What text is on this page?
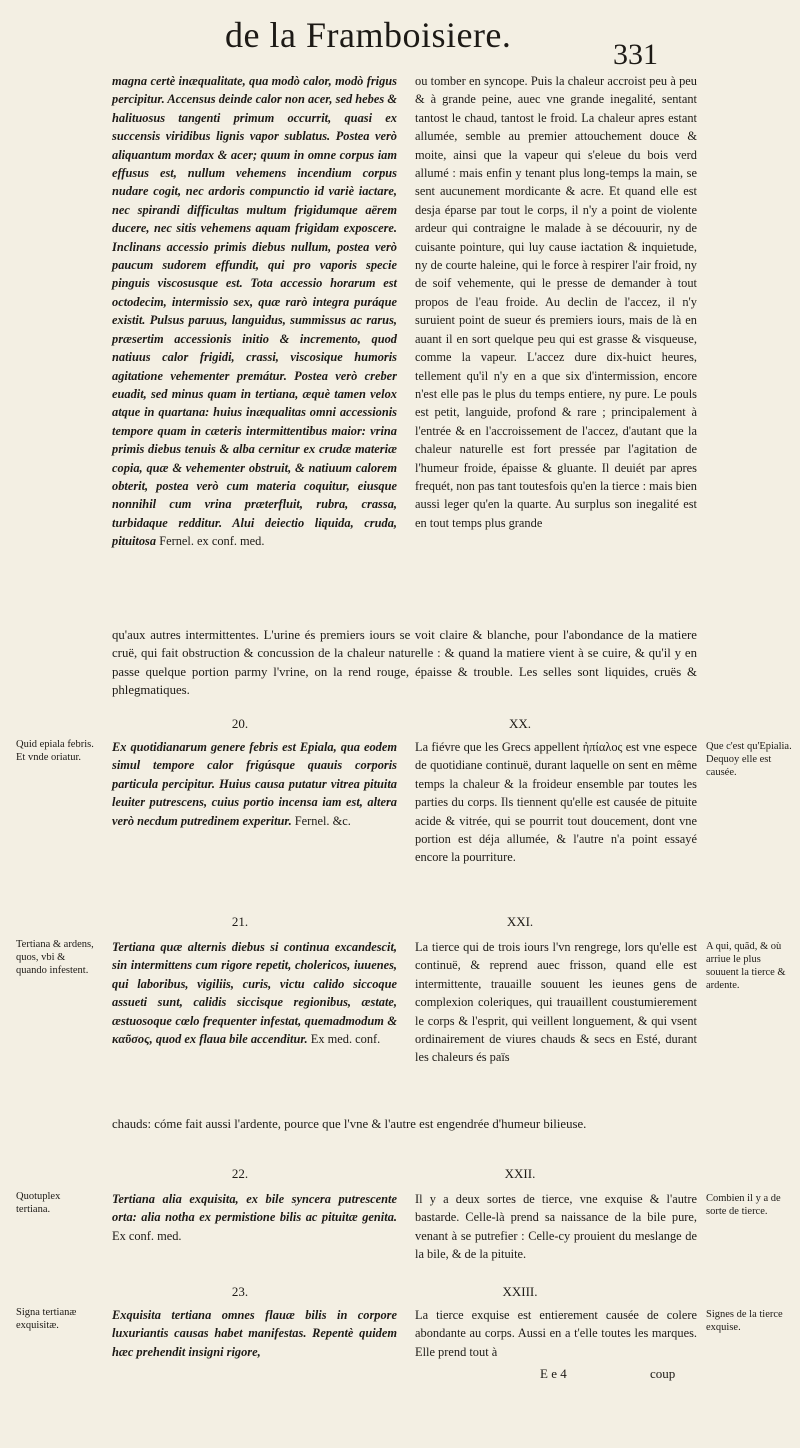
de la Framboisiere.	331
magna certè inæqualitate, qua modò calor, modò frigus percipitur. Accensus deinde calor non acer, sed hebes & halituosus tangenti primum occurrit, quasi ex succensis viridibus lignis vapor sublatus. Postea verò aliquantum mordax & acer; quum in omne corpus iam effusus est, nullum vehemens incendium corpus nudare cogit, nec ardoris compunctio id variè iactare, nec spirandi difficultas multum frigidumque aërem ducere, nec sitis vehemens aquam frigidam exposcere. Inclinans accessio primis diebus nullum, postea verò paucum sudorem effundit, qui pro vaporis specie pinguis viscosusque est. Tota accessio horarum est octodecim, intermissio sex, quæ rarò integra puráque existit. Pulsus paruus, languidus, summissus ac rarus, præsertim accessionis initio & incremento, quod natiuus calor frigidi, crassi, viscosique humoris agitatione vehementer premátur. Postea verò creber euadit, sed minus quam in tertiana, æquè tamen velox atque in quartana: huius inæqualitas omni accessionis tempore quam in cæteris intermittentibus maior: vrina primis diebus tenuis & alba cernitur ex crudæ materiæ copia, quæ & vehementer obstruit, & natiuum calorem obterit, postea verò cum materia coquitur, eiusque nonnihil cum vrina præterfluit, rubra, crassa, turbidaque redditur. Alui deiectio liquida, cruda, pituitosa Fernel. ex conf. med.
ou tomber en syncope. Puis la chaleur accroist peu à peu & à grande peine, auec vne grande inegalité, sentant tantost le chaud, tantost le froid. La chaleur apres estant allumée, semble au premier attouchement douce & moite, ainsi que la vapeur qui s'eleue du bois verd allumé : mais enfin y tenant plus long-temps la main, se sent aucunement mordicante & acre. Et quand elle est desja éparse par tout le corps, il n'y a point de violente ardeur qui contraigne le malade à se découurir, ny de cuisante pointure, qui luy cause iactation & inquietude, ny de courte haleine, qui le force à respirer l'air froid, ny de soif vehemente, qui le presse de demander à tout propos de l'eau froide. Au declin de l'accez, il n'y suruient point de sueur és premiers iours, mais de là en auant il en sort quelque peu qui est grasse & visqueuse, comme la vapeur. L'accez dure dix-huict heures, tellement qu'il n'y en a que six d'intermission, encore n'est elle pas le plus du temps entiere, ny pure. Le pouls est petit, languide, profond & rare ; principalement à l'entrée & en l'accroissement de l'accez, d'autant que la chaleur naturelle est fort pressée par l'agitation de l'humeur froide, épaisse & gluante. Il deuiét par apres frequét, non pas tant toutesfois qu'en la tierce : mais bien aussi leger qu'en la quarte. Au surplus son inegalité est en tout temps plus grande
qu'aux autres intermittentes. L'urine és premiers iours se voit claire & blanche, pour l'abondance de la matiere cruë, qui fait obstruction & concussion de la chaleur naturelle : & quand la matiere vient à se cuire, & qu'il y en passe quelque portion parmy l'vrine, on la rend rouge, épaisse & trouble. Les selles sont liquides, cruës & phlegmatiques.
20.	XX.
Quid epiala febris. Et vnde oriatur.
Ex quotidianarum genere febris est Epiala, qua eodem simul tempore calor frigúsque quauis corporis particula percipitur. Huius causa putatur vitrea pituita leuiter putrescens, cuius portio incensa iam est, altera verò necdum putredinem experitur. Fernel. &c.
La fiévre que les Grecs appellent ἠπίαλος est vne espece de quotidiane continuë, durant laquelle on sent en même temps la chaleur & la froideur ensemble par toutes les parties du corps. Ils tiennent qu'elle est causée de pituite acide & vitrée, qui se pourrit tout doucement, dont vne portion est déja allumée, & l'autre n'a point essayé encore la pourriture.
Que c'est qu'Epialia. Dequoy elle est causée.
21.	XXI.
Tertiana & ardens, quos, vbi & quando infestent.
Tertiana quæ alternis diebus si continua excandescit, sin intermittens cum rigore repetit, cholericos, iuuenes, qui laboribus, vigiliis, curis, victu calido siccoque assueti sunt, calidis siccisque regionibus, æstate, æstuosoque cœlo frequenter infestat, quemadmodum & καῦσος, quod ex flaua bile accenditur. Ex med. conf.
La tierce qui de trois iours l'vn rengrege, lors qu'elle est continuë, & reprend auec frisson, quand elle est intermittente, trauaille souuent les ieunes gens de complexion coleriques, qui trauaillent coustumierement le corps & l'esprit, qui veillent longuement, & qui vsent ordinairement de viures chauds & secs en Esté, durant les chaleurs és païs
A qui, quãd, & où arriue le plus souuent la tierce & ardente.
chauds: cóme fait aussi l'ardente, pource que l'vne & l'autre est engendrée d'humeur bilieuse.
22.	XXII.
Quotuplex tertiana.
Tertiana alia exquisita, ex bile syncera putrescente orta: alia notha ex permistione bilis ac pituitæ genita. Ex conf. med.
Il y a deux sortes de tierce, vne exquise & l'autre bastarde. Celle-là prend sa naissance de la bile pure, venant à se putrefier : Celle-cy prouient du meslange de la bile, & de la pituite.
Combien il y a de sorte de tierce.
23.	XXIII.
Signa tertianæ exquisitæ.
Exquisita tertiana omnes flauæ bilis in corpore luxuriantis causas habet manifestas. Repentè quidem hæc prehendit insigni rigore,
La tierce exquise est entierement causée de colere abondante au corps. Aussi en a t'elle toutes les marques. Elle prend tout à
Signes de la tierce exquise.
E e 4	coup
